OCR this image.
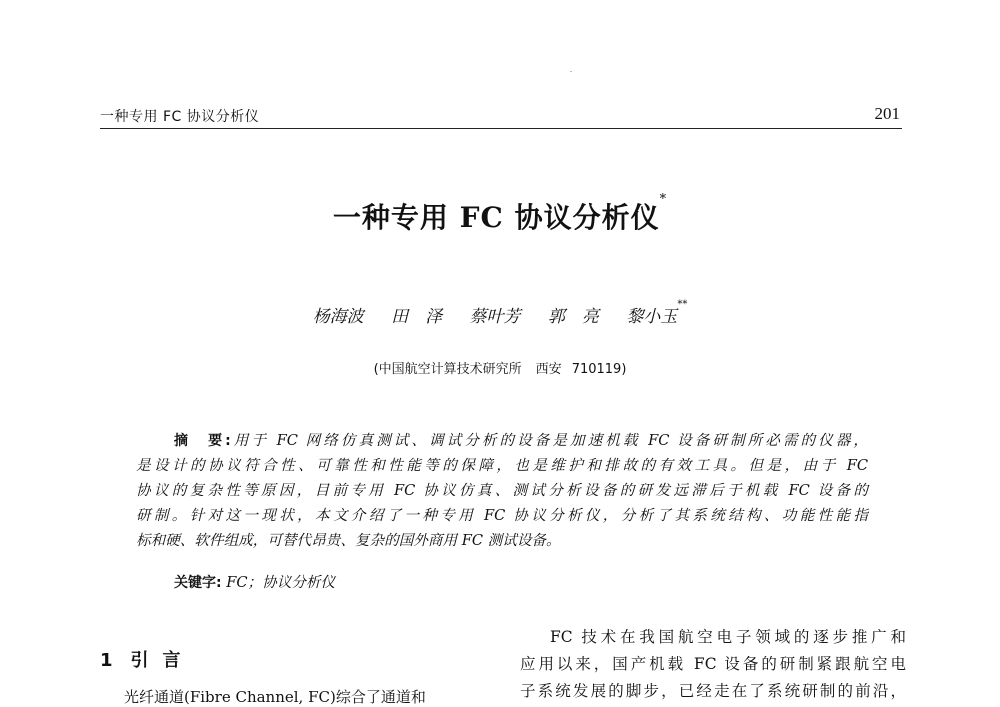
一种专用 FC 协议分析仪	201
一种专用 FC 协议分析仪*
杨海波 田　泽 蔡叶芳 郭　亮 黎小玉**
(中国航空计算技术研究所 西安 710119)
摘　要:用于 FC 网络仿真测试、调试分析的设备是加速机载 FC 设备研制所必需的仪器，
是设计的协议符合性、可靠性和性能等的保障，也是维护和排故的有效工具。但是，由于 FC
协议的复杂性等原因，目前专用 FC 协议仿真、测试分析设备的研发远滞后于机载 FC 设备的
研制。针对这一现状，本文介绍了一种专用 FC 协议分析仪，分析了其系统结构、功能性能指
标和硬、软件组成，可替代昂贵、复杂的国外商用 FC 测试设备。
关键字: FC；协议分析仪
1 引言
光纤通道(Fibre Channel, FC)综合了通道和
FC 技术在我国航空电子领域的逐步推广和
应用以来，国产机载 FC 设备的研制紧跟航空电
子系统发展的脚步，已经走在了系统研制的前沿，
